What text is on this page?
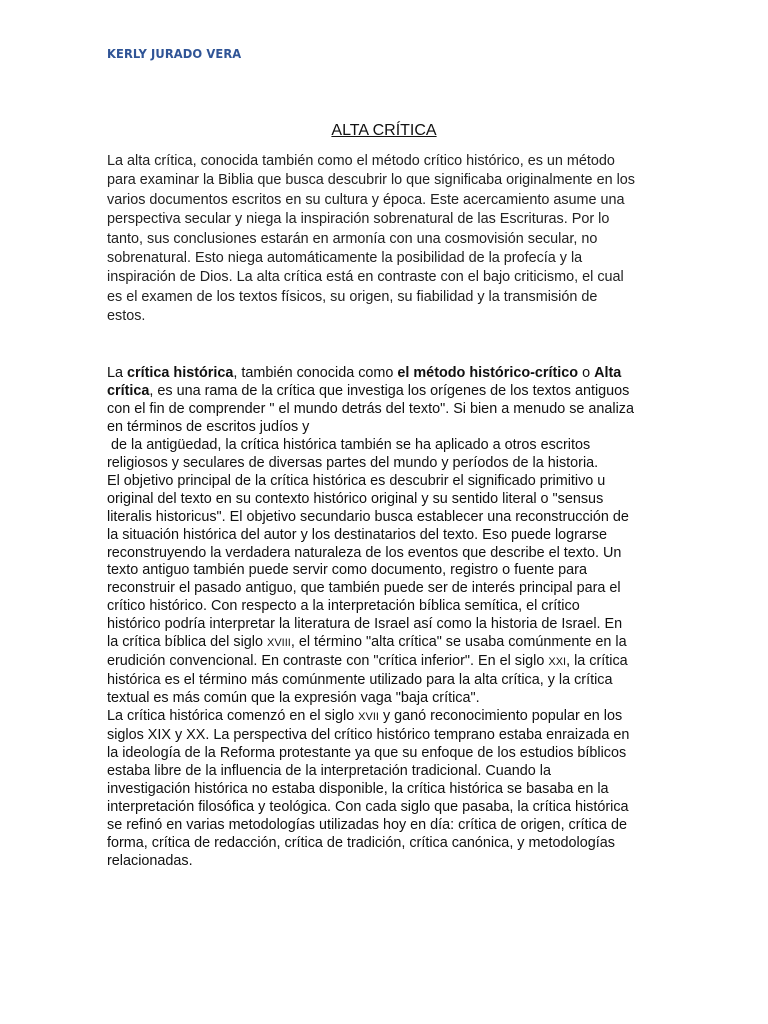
KERLY JURADO VERA
ALTA CRÍTICA

La alta crítica, conocida también como el método crítico histórico, es un método

para examinar la Biblia que busca descubrir lo que significaba originalmente en los

varios documentos escritos en su cultura y época. Este acercamiento asume una

perspectiva secular y niega la inspiración sobrenatural de las Escrituras. Por lo

tanto, sus conclusiones estarán en armonía con una cosmovisión secular, no

sobrenatural. Esto niega automáticamente la posibilidad de la profecía y la

inspiración de Dios. La alta crítica está en contraste con el bajo criticismo, el cual

es el examen de los textos físicos, su origen, su fiabilidad y la transmisión de

estos.

La crítica histórica, también conocida como el método histórico-crítico o Alta

crítica, es una rama de la crítica que investiga los orígenes de los textos antiguos

con el fin de comprender " el mundo detrás del texto". Si bien a menudo se analiza

en términos de escritos judíos y

de la antigüedad, la crítica histórica también se ha aplicado a otros escritos

religiosos y seculares de diversas partes del mundo y períodos de la historia.

El objetivo principal de la crítica histórica es descubrir el significado primitivo u

original del texto en su contexto histórico original y su sentido literal o "sensus

literalis historicus". El objetivo secundario busca establecer una reconstrucción de

la situación histórica del autor y los destinatarios del texto. Eso puede lograrse

reconstruyendo la verdadera naturaleza de los eventos que describe el texto. Un

texto antiguo también puede servir como documento, registro o fuente para

reconstruir el pasado antiguo, que también puede ser de interés principal para el

crítico histórico. Con respecto a la interpretación bíblica semítica, el crítico

histórico podría interpretar la literatura de Israel así como la historia de Israel. En

la crítica bíblica del siglo XVIII, el término "alta crítica" se usaba comúnmente en la

erudición convencional. En contraste con "crítica inferior". En el siglo XXI, la crítica

histórica es el término más comúnmente utilizado para la alta crítica, y la crítica

textual es más común que la expresión vaga "baja crítica".

La crítica histórica comenzó en el siglo XVII y ganó reconocimiento popular en los

siglos XIX y XX. La perspectiva del crítico histórico temprano estaba enraizada en

la ideología de la Reforma protestante ya que su enfoque de los estudios bíblicos

estaba libre de la influencia de la interpretación tradicional. Cuando la

investigación histórica no estaba disponible, la crítica histórica se basaba en la

interpretación filosófica y teológica. Con cada siglo que pasaba, la crítica histórica

se refinó en varias metodologías utilizadas hoy en día: crítica de origen, crítica de

forma, crítica de redacción, crítica de tradición, crítica canónica, y metodologías

relacionadas.
